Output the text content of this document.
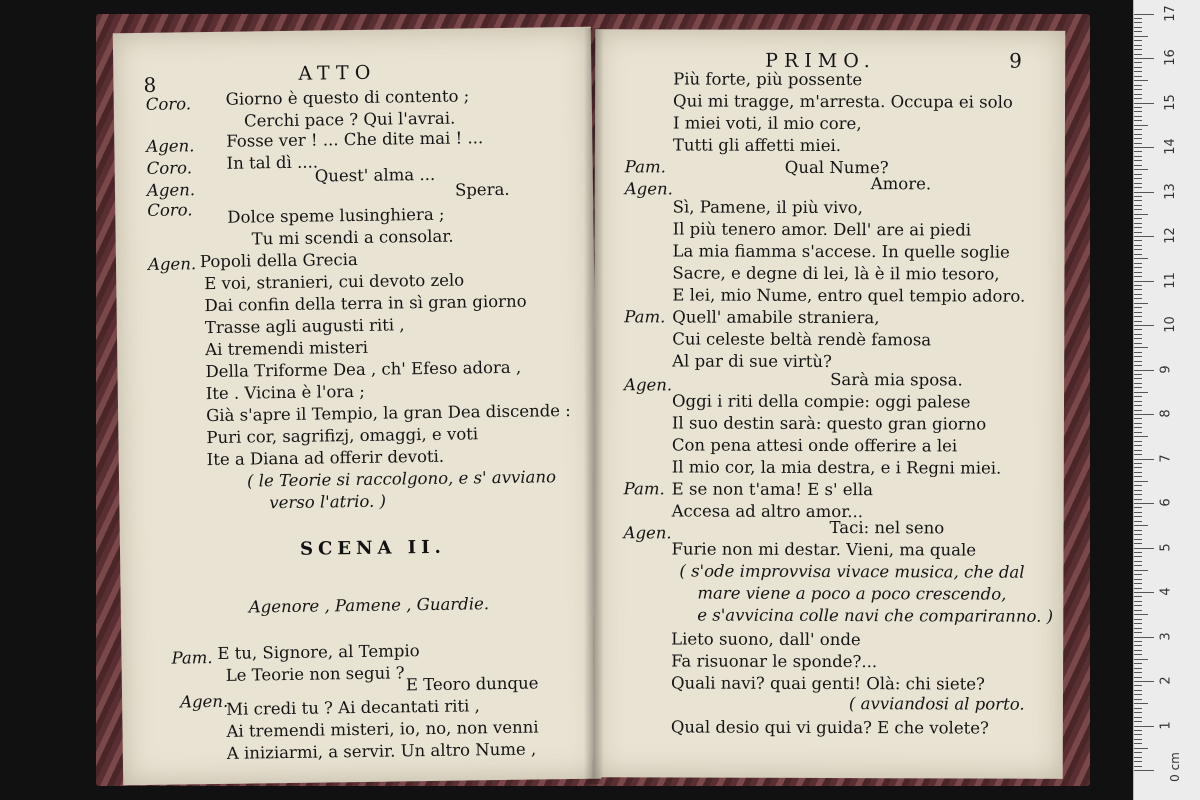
8	ATTO
Coro. Giorno è questo di contento ;
Cerchi pace ? Qui l'avrai.
Agen. Fosse ver ! ... Che dite mai ! ...
Coro. In tal dì ....
Quest' alma ...
Agen.	Spera.
Coro. Dolce speme lusinghiera ;
Tu mi scendi a consolar.
Agen. Popoli della Grecia
E voi, stranieri, cui devoto zelo
Dai confin della terra in sì gran giorno
Trasse agli augusti riti ,
Ai tremendi misteri
Della Triforme Dea , ch' Efeso adora ,
Ite . Vicina è l'ora ;
Già s'apre il Tempio, la gran Dea discende :
Puri cor, sagrifizj, omaggi, e voti
Ite a Diana ad offerir devoti.
( le Teorie si raccolgono, e s' avviano
verso l'atrio. )
SCENA II.
Agenore , Pamene , Guardie.
Pam. E tu, Signore, al Tempio
Le Teorie non segui ?
Agen.
E Teoro dunque
Mi credi tu ? Ai decantati riti ,
Ai tremendi misteri, io, no, non venni
A iniziarmi, a servir. Un altro Nume ,
PRIMO.	9
Più forte, più possente
Qui mi tragge, m'arresta. Occupa ei solo
I miei voti, il mio core,
Tutti gli affetti miei.
Pam.	Qual Nume?
Agen.	Amore.
Sì, Pamene, il più vivo,
Il più tenero amor. Dell' are ai piedi
La mia fiamma s'accese. In quelle soglie
Sacre, e degne di lei, là è il mio tesoro,
E lei, mio Nume, entro quel tempio adoro.
Pam. Quell' amabile straniera,
Cui celeste beltà rendè famosa
Al par di sue virtù?
Agen.	Sarà mia sposa.
Oggi i riti della compie: oggi palese
Il suo destin sarà: questo gran giorno
Con pena attesi onde offerire a lei
Il mio cor, la mia destra, e i Regni miei.
Pam. E se non t'ama! E s' ella
Accesa ad altro amor...
Agen.	Taci: nel seno
Furie non mi destar. Vieni, ma quale
( s'ode improvvisa vivace musica, che dal
mare viene a poco a poco crescendo,
e s'avvicina colle navi che compariranno. )
Lieto suono, dall' onde
Fa risuonar le sponde?...
Quali navi? quai genti! Olà: chi siete?
( avviandosi al porto.
Qual desio qui vi guida? E che volete?
0 cm
1
2
3
4
5
6
7
8
9
10
11
12
13
14
15
16
17
